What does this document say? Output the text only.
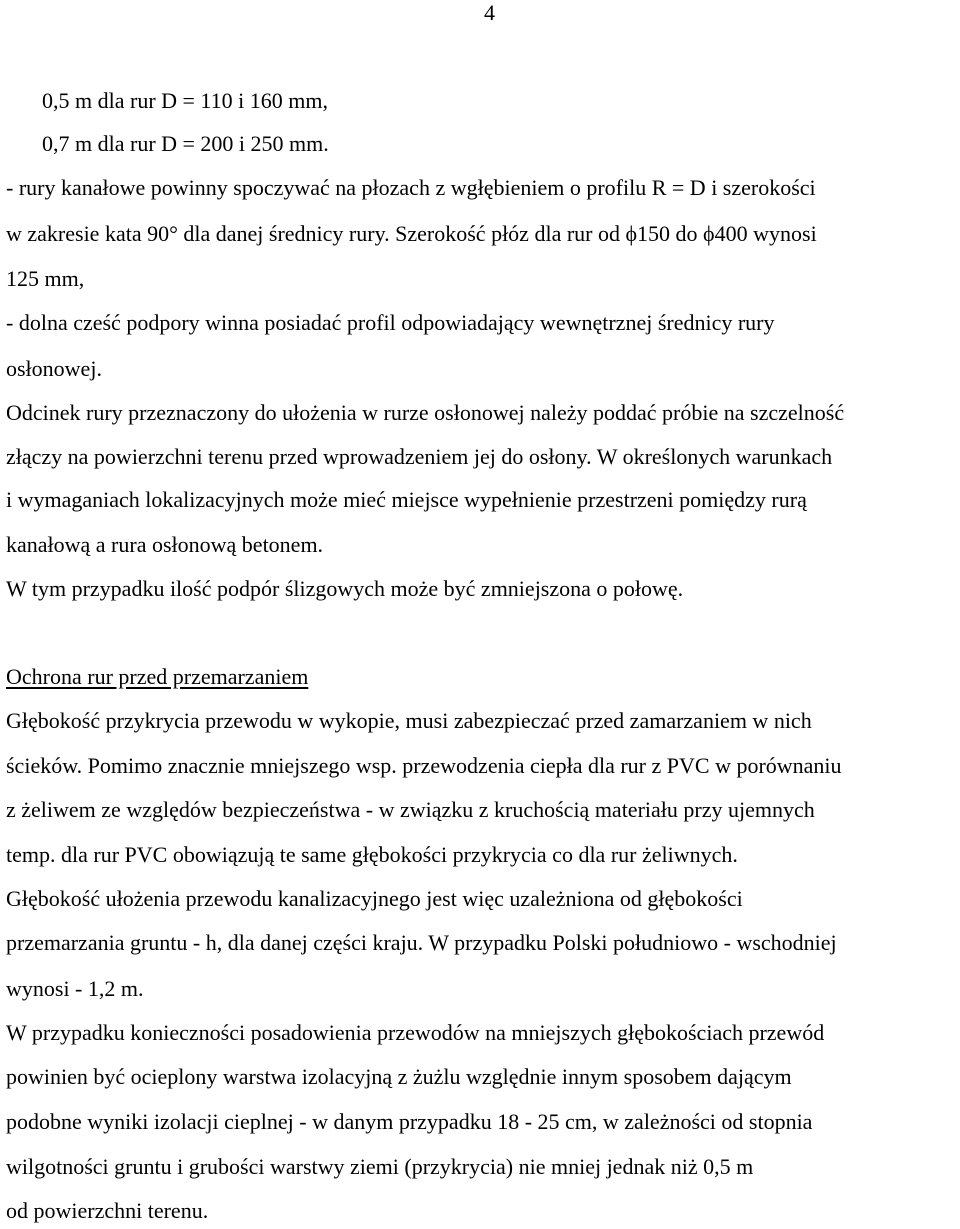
4
0,5 m dla rur D = 110 i 160 mm,
0,7 m dla rur D = 200 i 250 mm.
- rury kanałowe powinny spoczywać na płozach z wgłębieniem o profilu R = D i szerokości
w zakresie kata 90° dla danej średnicy rury. Szerokość płóz dla rur od ϕ150 do ϕ400 wynosi
125 mm,
- dolna cześć podpory winna posiadać profil odpowiadający wewnętrznej średnicy rury
osłonowej.
Odcinek rury przeznaczony do ułożenia w rurze osłonowej należy poddać próbie na szczelność
złączy na powierzchni terenu przed wprowadzeniem jej do osłony. W określonych warunkach
i wymaganiach lokalizacyjnych może mieć miejsce wypełnienie przestrzeni pomiędzy rurą
kanałową a rura osłonową betonem.
W tym przypadku ilość podpór ślizgowych może być zmniejszona o połowę.
Ochrona rur przed przemarzaniem
Głębokość przykrycia przewodu w wykopie, musi zabezpieczać przed zamarzaniem w nich
ścieków. Pomimo znacznie mniejszego wsp. przewodzenia ciepła dla rur z PVC w porównaniu
z żeliwem ze względów bezpieczeństwa - w związku z kruchością materiału przy ujemnych
temp. dla rur PVC obowiązują te same głębokości przykrycia co dla rur żeliwnych.
Głębokość ułożenia przewodu kanalizacyjnego jest więc uzależniona od głębokości
przemarzania gruntu - h, dla danej części kraju. W przypadku Polski południowo - wschodniej
wynosi - 1,2 m.
W przypadku konieczności posadowienia przewodów na mniejszych głębokościach przewód
powinien być ocieplony warstwa izolacyjną z żużlu względnie innym sposobem dającym
podobne wyniki izolacji cieplnej - w danym przypadku 18 - 25 cm, w zależności od stopnia
wilgotności gruntu i grubości warstwy ziemi (przykrycia) nie mniej jednak niż 0,5 m
od powierzchni terenu.
